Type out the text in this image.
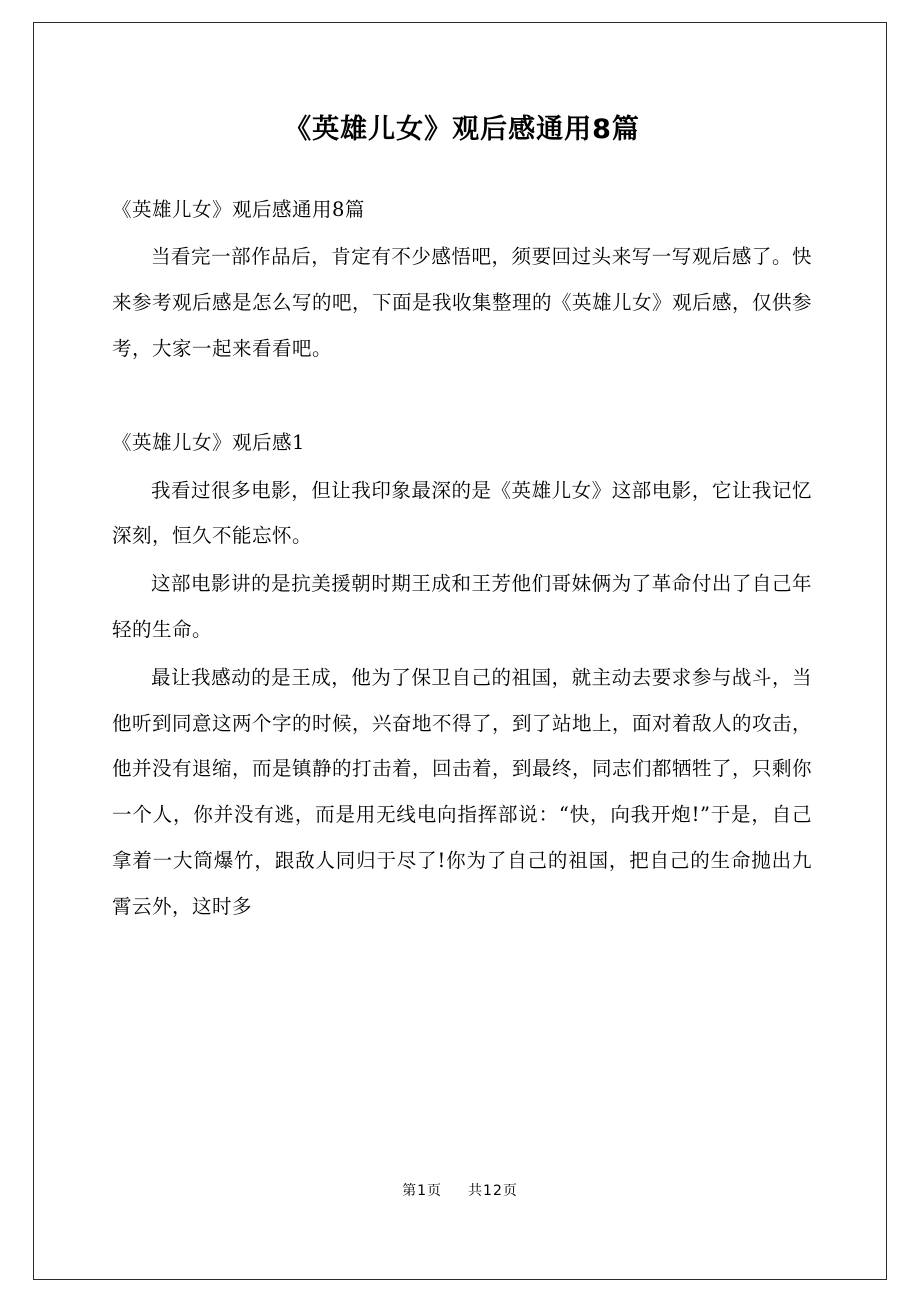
《英雄儿女》观后感通用8篇

《英雄儿女》观后感通用8篇

当看完一部作品后，肯定有不少感悟吧，须要回过头来写一写观后感了。快来参考观后感是怎么写的吧，下面是我收集整理的《英雄儿女》观后感，仅供参考，大家一起来看看吧。

《英雄儿女》观后感1

我看过很多电影，但让我印象最深的是《英雄儿女》这部电影，它让我记忆深刻，恒久不能忘怀。

这部电影讲的是抗美援朝时期王成和王芳他们哥妹俩为了革命付出了自己年轻的生命。

最让我感动的是王成，他为了保卫自己的祖国，就主动去要求参与战斗，当他听到同意这两个字的时候，兴奋地不得了，到了站地上，面对着敌人的攻击，他并没有退缩，而是镇静的打击着，回击着，到最终，同志们都牺牲了，只剩你一个人，你并没有逃，而是用无线电向指挥部说：“快，向我开炮!”于是，自己拿着一大筒爆竹，跟敌人同归于尽了!你为了自己的祖国，把自己的生命抛出九霄云外，这时多

第1页 共12页
